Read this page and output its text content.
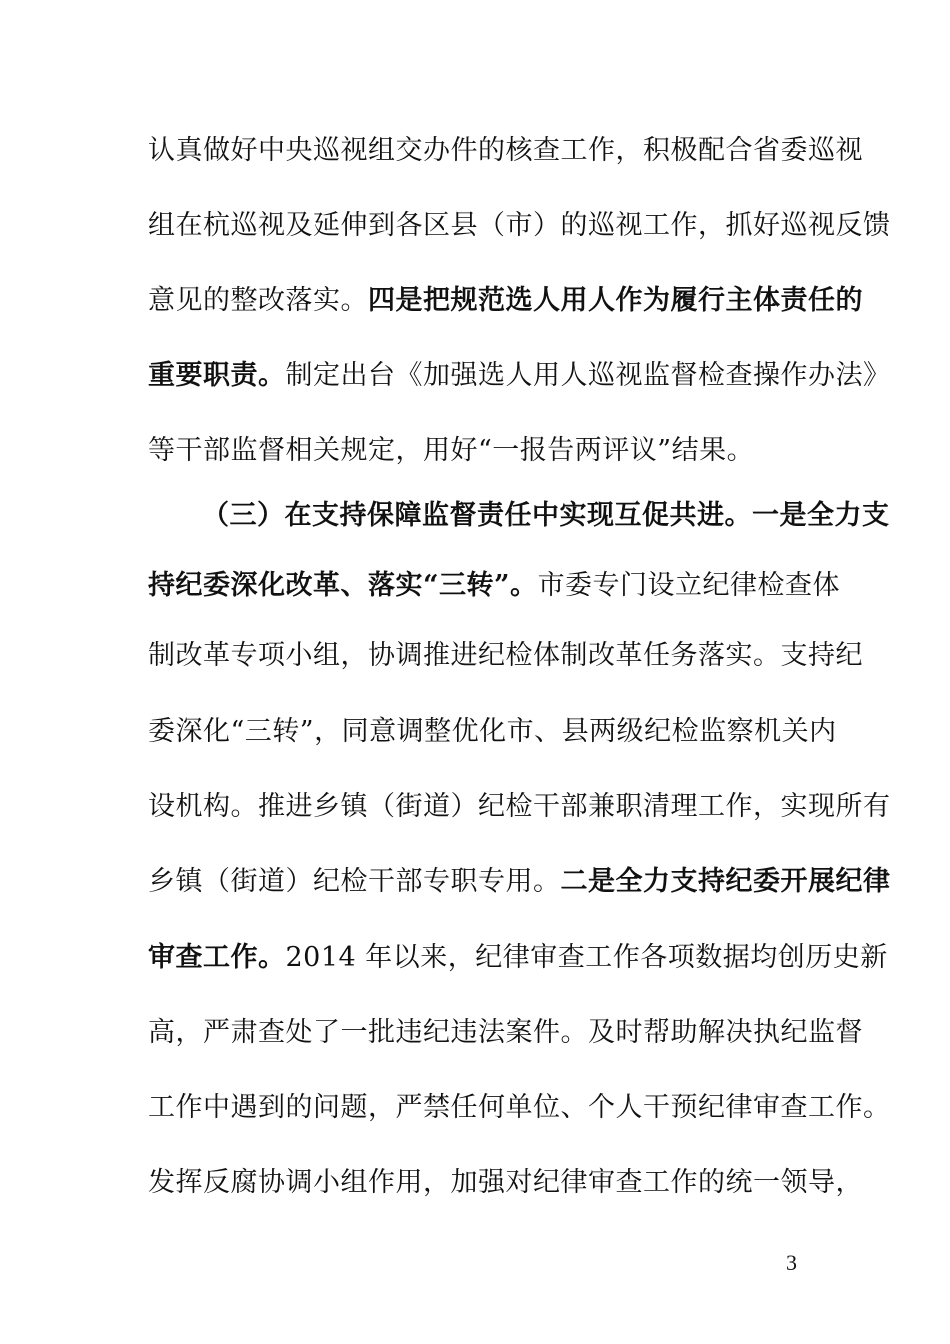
认真做好中央巡视组交办件的核查工作，积极配合省委巡视
组在杭巡视及延伸到各区县（市）的巡视工作，抓好巡视反馈
意见的整改落实。四是把规范选人用人作为履行主体责任的
重要职责。制定出台《加强选人用人巡视监督检查操作办法》
等干部监督相关规定，用好“一报告两评议”结果。
（三）在支持保障监督责任中实现互促共进。一是全力支
持纪委深化改革、落实“三转”。市委专门设立纪律检查体
制改革专项小组，协调推进纪检体制改革任务落实。支持纪
委深化“三转”，同意调整优化市、县两级纪检监察机关内
设机构。推进乡镇（街道）纪检干部兼职清理工作，实现所有
乡镇（街道）纪检干部专职专用。二是全力支持纪委开展纪律
审查工作。2014 年以来，纪律审查工作各项数据均创历史新
高，严肃查处了一批违纪违法案件。及时帮助解决执纪监督
工作中遇到的问题，严禁任何单位、个人干预纪律审查工作。
发挥反腐协调小组作用，加强对纪律审查工作的统一领导，
3
